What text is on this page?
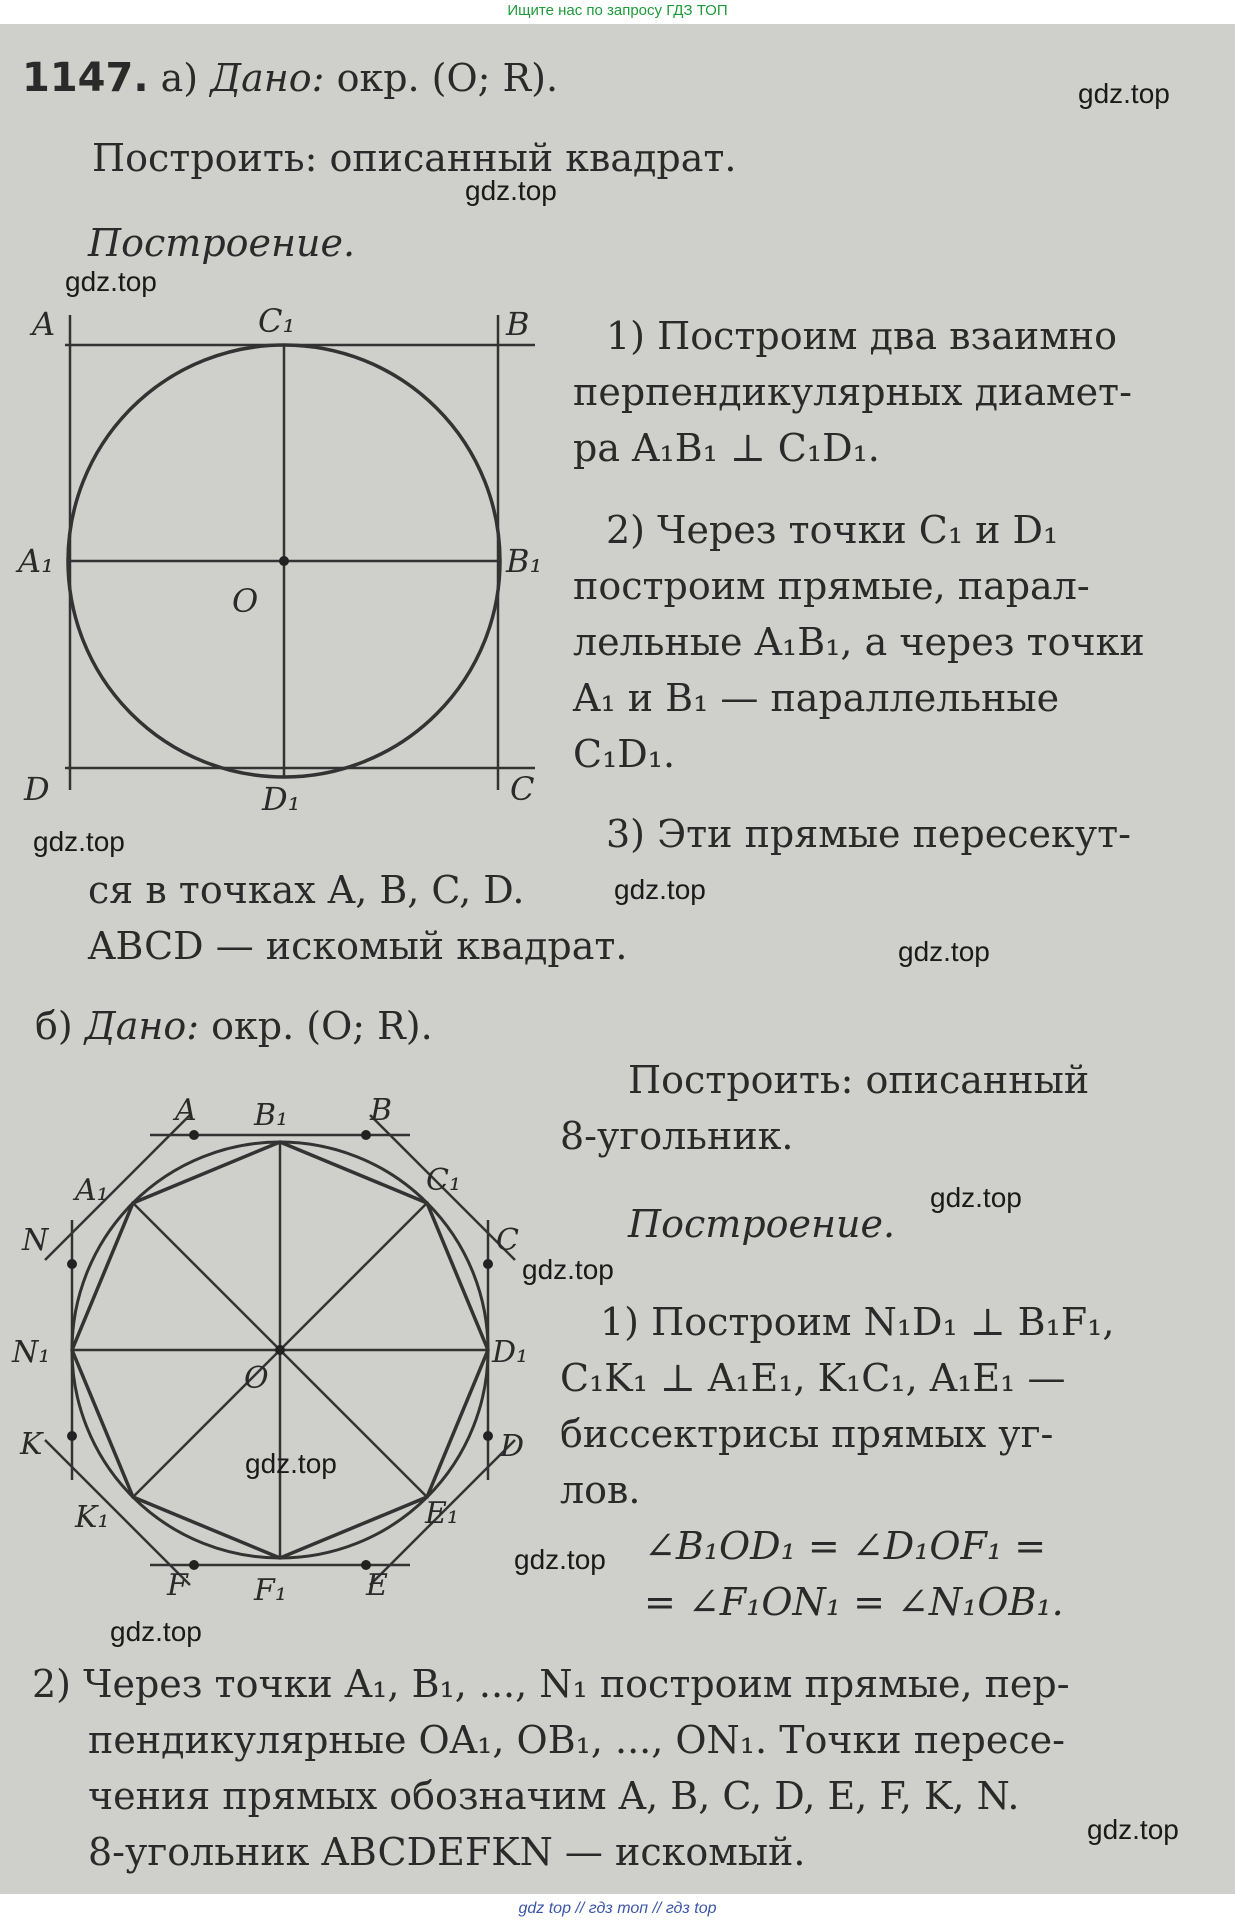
Ищите нас по запросу ГДЗ ТОП
1147. а) Дано: окр. (O; R).
Построить: описанный квадрат.
Построение.
A	B
C
D
C₁
D₁
A₁	B₁
O
1) Построим два взаимно
перпендикулярных диамет-
ра A₁B₁ ⊥ C₁D₁.
2) Через точки C₁ и D₁
построим прямые, парал-
лельные A₁B₁, а через точки
A₁ и B₁ — параллельные
C₁D₁.
3) Эти прямые пересекут-
ся в точках A, B, C, D.
ABCD — искомый квадрат.
б) Дано: окр. (O; R).
Построить: описанный
8-угольник.
Построение.
A	B
C
D
E
F
K
N
B₁
A₁	C₁
D₁
E₁
F₁
K₁
N₁
O
1) Построим N₁D₁ ⊥ B₁F₁,
C₁K₁ ⊥ A₁E₁, K₁C₁, A₁E₁ —
биссектрисы прямых уг-
лов.
∠B₁OD₁ = ∠D₁OF₁ =
= ∠F₁ON₁ = ∠N₁OB₁.
2) Через точки A₁, B₁, ..., N₁ построим прямые, пер-
пендикулярные OA₁, OB₁, ..., ON₁. Точки пересе-
чения прямых обозначим A, B, C, D, E, F, K, N.
8-угольник ABCDEFKN — искомый.
gdz.top
gdz.top
gdz.top
gdz.top
gdz.top
gdz.top
gdz.top
gdz.top
gdz.top
gdz.top
gdz.top
gdz.top
gdz top // гдз топ // гдз top
